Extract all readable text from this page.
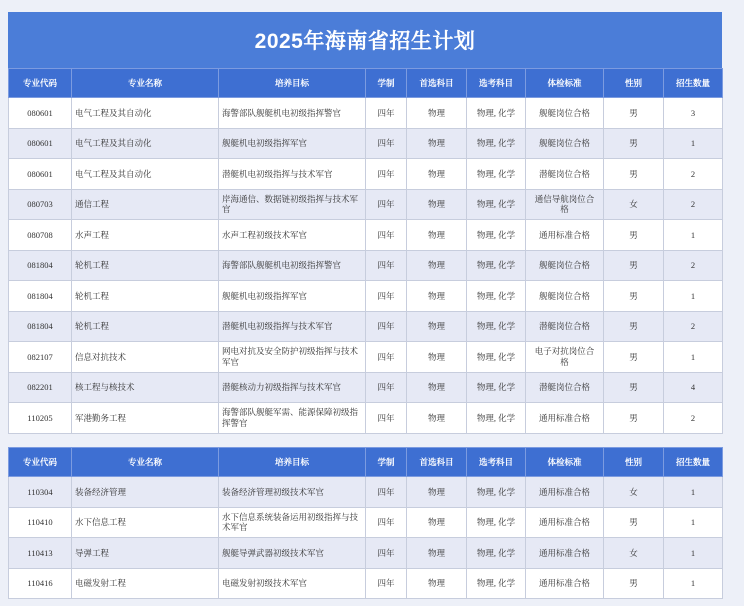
2025年海南省招生计划
专业代码	专业名称	培养目标	学制	首选科目	选考科目	体检标准	性别	招生数量
080601	电气工程及其自动化	海警部队舰艇机电初级指挥警官	四年	物理	物理, 化学	舰艇岗位合格	男	3
080601	电气工程及其自动化	舰艇机电初级指挥军官	四年	物理	物理, 化学	舰艇岗位合格	男	1
080601	电气工程及其自动化	潜艇机电初级指挥与技术军官	四年	物理	物理, 化学	潜艇岗位合格	男	2
080703	通信工程	岸海通信、数据链初级指挥与技术军官	四年	物理	物理, 化学	通信导航岗位合格	女	2
080708	水声工程	水声工程初级技术军官	四年	物理	物理, 化学	通用标准合格	男	1
081804	轮机工程	海警部队舰艇机电初级指挥警官	四年	物理	物理, 化学	舰艇岗位合格	男	2
081804	轮机工程	舰艇机电初级指挥军官	四年	物理	物理, 化学	舰艇岗位合格	男	1
081804	轮机工程	潜艇机电初级指挥与技术军官	四年	物理	物理, 化学	潜艇岗位合格	男	2
082107	信息对抗技术	网电对抗及安全防护初级指挥与技术军官	四年	物理	物理, 化学	电子对抗岗位合格	男	1
082201	核工程与核技术	潜艇核动力初级指挥与技术军官	四年	物理	物理, 化学	潜艇岗位合格	男	4
110205	军港勤务工程	海警部队舰艇军需、能源保障初级指挥警官	四年	物理	物理, 化学	通用标准合格	男	2
专业代码	专业名称	培养目标	学制	首选科目	选考科目	体检标准	性别	招生数量
110304	装备经济管理	装备经济管理初级技术军官	四年	物理	物理, 化学	通用标准合格	女	1
110410	水下信息工程	水下信息系统装备运用初级指挥与技术军官	四年	物理	物理, 化学	通用标准合格	男	1
110413	导弹工程	舰艇导弹武器初级技术军官	四年	物理	物理, 化学	通用标准合格	女	1
110416	电磁发射工程	电磁发射初级技术军官	四年	物理	物理, 化学	通用标准合格	男	1
